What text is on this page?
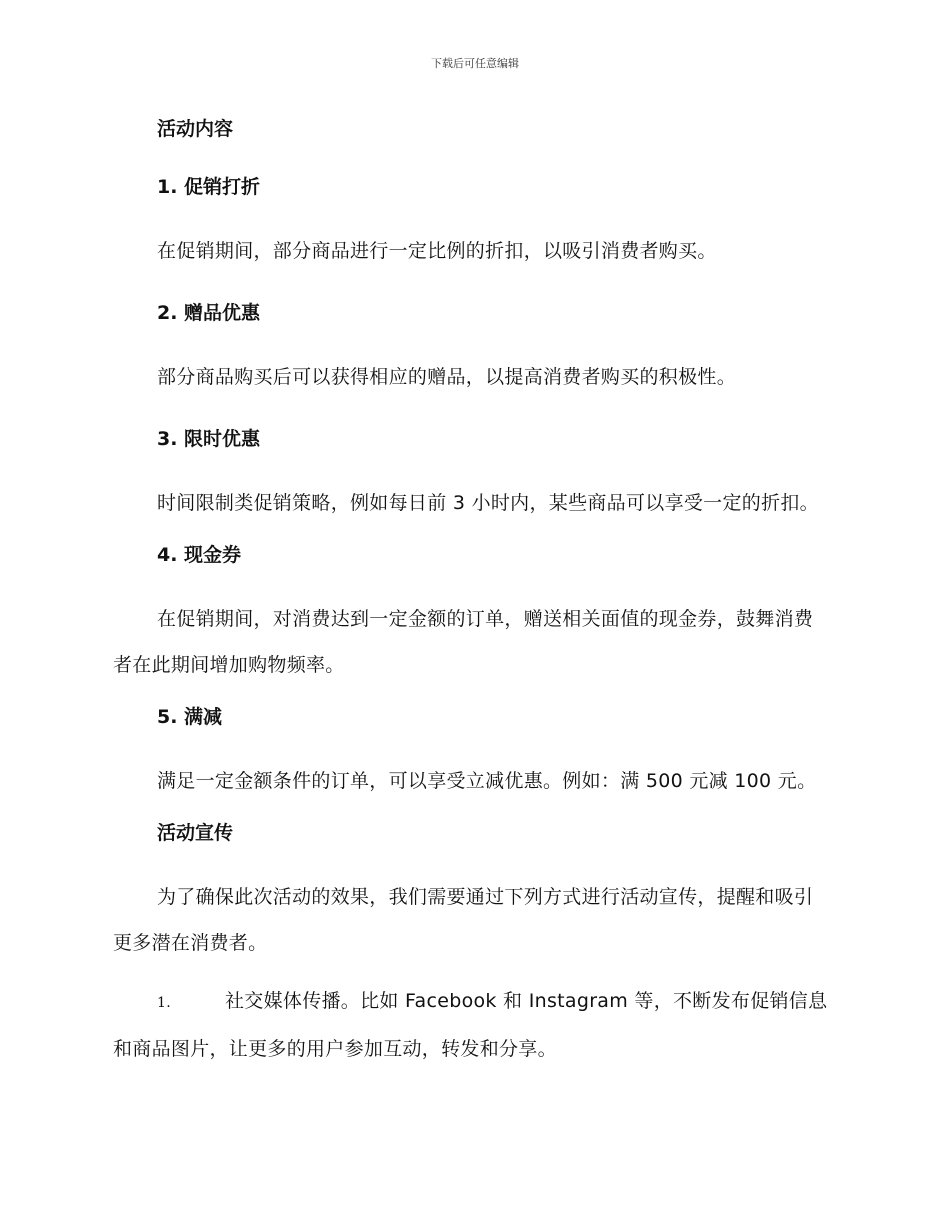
下载后可任意编辑
活动内容
1. 促销打折
在促销期间，部分商品进行一定比例的折扣，以吸引消费者购买。
2. 赠品优惠
部分商品购买后可以获得相应的赠品，以提高消费者购买的积极性。
3. 限时优惠
时间限制类促销策略，例如每日前 3 小时内，某些商品可以享受一定的折扣。
4. 现金券
在促销期间，对消费达到一定金额的订单，赠送相关面值的现金券，鼓舞消费者在此期间增加购物频率。
5. 满减
满足一定金额条件的订单，可以享受立减优惠。例如：满 500 元减 100 元。
活动宣传
为了确保此次活动的效果，我们需要通过下列方式进行活动宣传，提醒和吸引更多潜在消费者。
1.	社交媒体传播。比如 Facebook 和 Instagram 等，不断发布促销信息和商品图片，让更多的用户参加互动，转发和分享。
